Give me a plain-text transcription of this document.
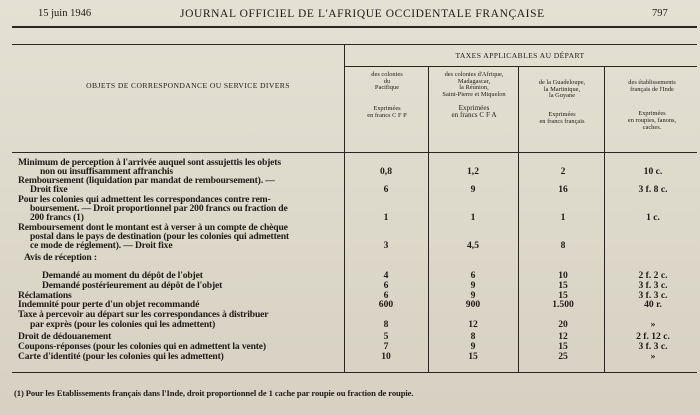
15 juin 1946	JOURNAL OFFICIEL DE L'AFRIQUE OCCIDENTALE FRANÇAISE	797
OBJETS DE CORRESPONDANCE OU SERVICE DIVERS
TAXES APPLICABLES AU DÉPART
des colonies
du
Pacifique
Exprimées
en francs C F P
des colonies d'Afrique,
Madagascar,
la Réunion,
Saint-Pierre et Miquelon
Exprimées
en francs C F A
de la Guadeloupe,
la Martinique,
la Guyane
Exprimées
en francs français
des établissements
français de l'Inde
Exprimées
en roupies, fanons,
caches.
Minimum de perception à l'arrivée auquel sont assujettis les objets
non ou insuffisamment affranchis	0,8	1,2	2	10 c.
Remboursement (liquidation par mandat de remboursement). —
Droit fixe	6	9	16	3 f. 8 c.
Pour les colonies qui admettent les correspondances contre rem-
boursement. — Droit proportionnel par 200 francs ou fraction de
200 francs (1)	1	1	1	1 c.
Remboursement dont le montant est à verser à un compte de chèque
postal dans le pays de destination (pour les colonies qui admettent
ce mode de réglement). — Droit fixe	3	4,5	8
Avis de réception :
Demandé au moment du dépôt de l'objet	4	6	10	2 f. 2 c.
Demandé postérieurement au dépôt de l'objet	6	9	15	3 f. 3 c.
Réclamations	6	9	15	3 f. 3 c.
Indemnité pour perte d'un objet recommandé	600	900	1.500	40 r.
Taxe à percevoir au départ sur les correspondances à distribuer
par exprès (pour les colonies qui les admettent)	8	12	20	»
Droit de dédouanement	5	8	12	2 f. 12 c.
Coupons-réponses (pour les colonies qui en admettent la vente)	7	9	15	3 f. 3 c.
Carte d'identité (pour les colonies qui les admettent)	10	15	25	»
(1) Pour les Etablissements français dans l'Inde, droit proportionnel de 1 cache par roupie ou fraction de roupie.
